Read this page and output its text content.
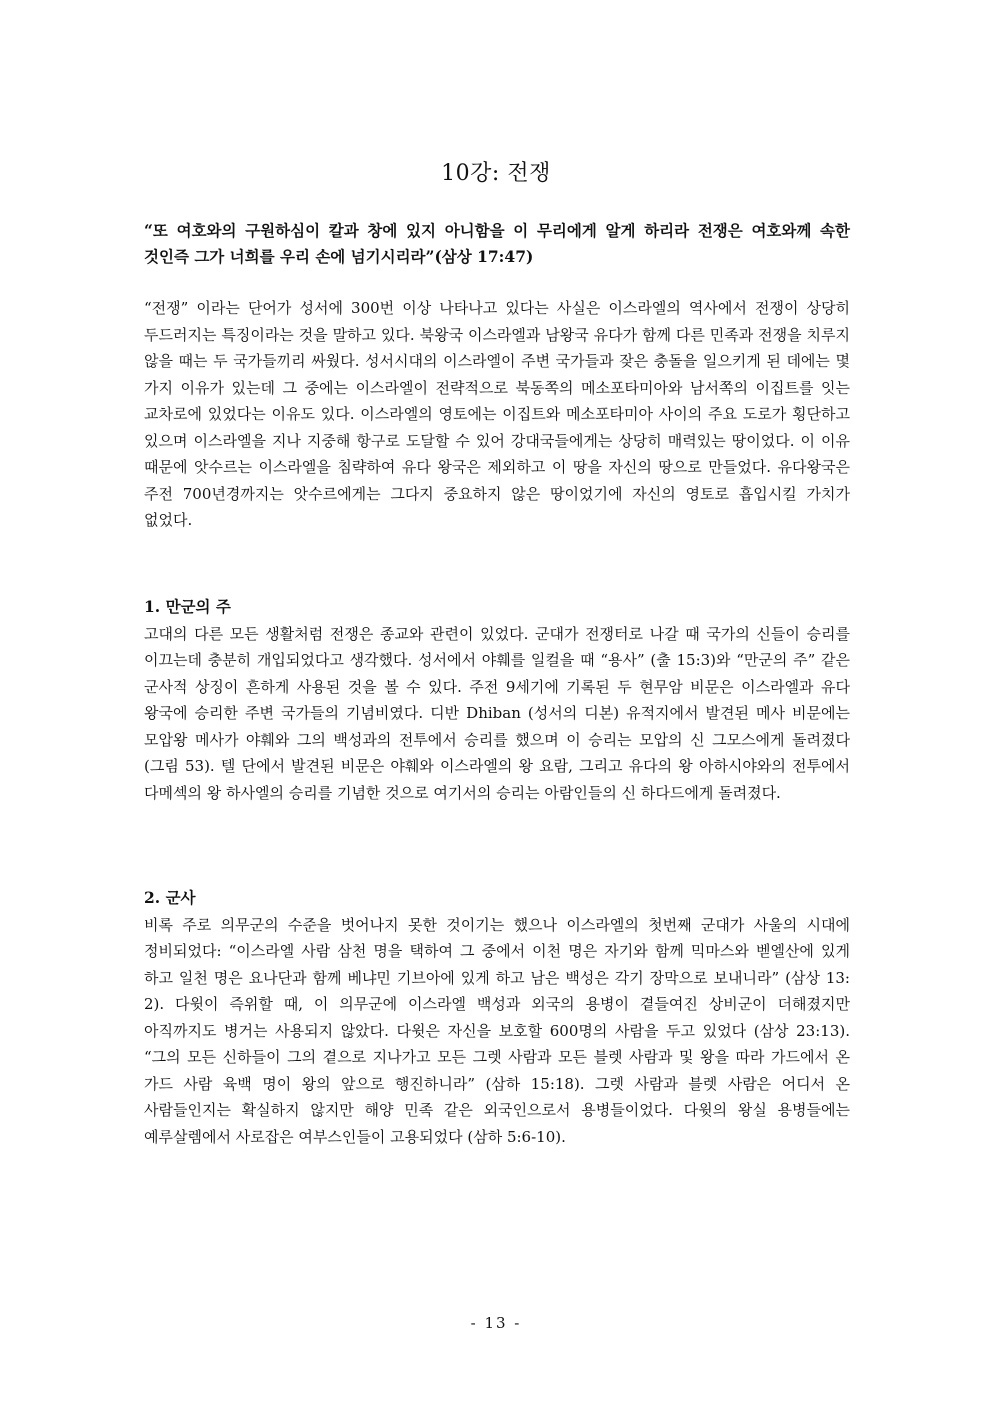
10강: 전쟁

“또 여호와의 구원하심이 칼과 창에 있지 아니함을 이 무리에게 알게 하리라 전쟁은 여호와께 속한 것인즉 그가 너희를 우리 손에 넘기시리라”(삼상 17:47)

“전쟁” 이라는 단어가 성서에 300번 이상 나타나고 있다는 사실은 이스라엘의 역사에서 전쟁이 상당히 두드러지는 특징이라는 것을 말하고 있다. 북왕국 이스라엘과 남왕국 유다가 함께 다른 민족과 전쟁을 치루지 않을 때는 두 국가들끼리 싸웠다. 성서시대의 이스라엘이 주변 국가들과 잦은 충돌을 일으키게 된 데에는 몇 가지 이유가 있는데 그 중에는 이스라엘이 전략적으로 북동쪽의 메소포타미아와 남서쪽의 이집트를 잇는 교차로에 있었다는 이유도 있다. 이스라엘의 영토에는 이집트와 메소포타미아 사이의 주요 도로가 횡단하고 있으며 이스라엘을 지나 지중해 항구로 도달할 수 있어 강대국들에게는 상당히 매력있는 땅이었다. 이 이유 때문에 앗수르는 이스라엘을 침략하여 유다 왕국은 제외하고 이 땅을 자신의 땅으로 만들었다. 유다왕국은 주전 700년경까지는 앗수르에게는 그다지 중요하지 않은 땅이었기에 자신의 영토로 흡입시킬 가치가 없었다.

1. 만군의 주
고대의 다른 모든 생활처럼 전쟁은 종교와 관련이 있었다. 군대가 전쟁터로 나갈 때 국가의 신들이 승리를 이끄는데 충분히 개입되었다고 생각했다. 성서에서 야훼를 일컬을 때 “용사” (출 15:3)와 “만군의 주” 같은 군사적 상징이 흔하게 사용된 것을 볼 수 있다. 주전 9세기에 기록된 두 현무암 비문은 이스라엘과 유다 왕국에 승리한 주변 국가들의 기념비였다. 디반 Dhiban (성서의 디본) 유적지에서 발견된 메사 비문에는 모압왕 메사가 야훼와 그의 백성과의 전투에서 승리를 했으며 이 승리는 모압의 신 그모스에게 돌려졌다 (그림 53). 텔 단에서 발견된 비문은 야훼와 이스라엘의 왕 요람, 그리고 유다의 왕 아하시야와의 전투에서 다메섹의 왕 하사엘의 승리를 기념한 것으로 여기서의 승리는 아람인들의 신 하다드에게 돌려졌다.
2. 군사
비록 주로 의무군의 수준을 벗어나지 못한 것이기는 했으나 이스라엘의 첫번째 군대가 사울의 시대에 정비되었다: “이스라엘 사람 삼천 명을 택하여 그 중에서 이천 명은 자기와 함께 믹마스와 벧엘산에 있게 하고 일천 명은 요나단과 함께 베냐민 기브아에 있게 하고 남은 백성은 각기 장막으로 보내니라” (삼상 13: 2). 다윗이 즉위할 때, 이 의무군에 이스라엘 백성과 외국의 용병이 곁들여진 상비군이 더해졌지만 아직까지도 병거는 사용되지 않았다. 다윗은 자신을 보호할 600명의 사람을 두고 있었다 (삼상 23:13). “그의 모든 신하들이 그의 곁으로 지나가고 모든 그렛 사람과 모든 블렛 사람과 및 왕을 따라 가드에서 온 가드 사람 육백 명이 왕의 앞으로 행진하니라” (삼하 15:18). 그렛 사람과 블렛 사람은 어디서 온 사람들인지는 확실하지 않지만 해양 민족 같은 외국인으로서 용병들이었다. 다윗의 왕실 용병들에는 예루살렘에서 사로잡은 여부스인들이 고용되었다 (삼하 5:6-10).
- 13 -
